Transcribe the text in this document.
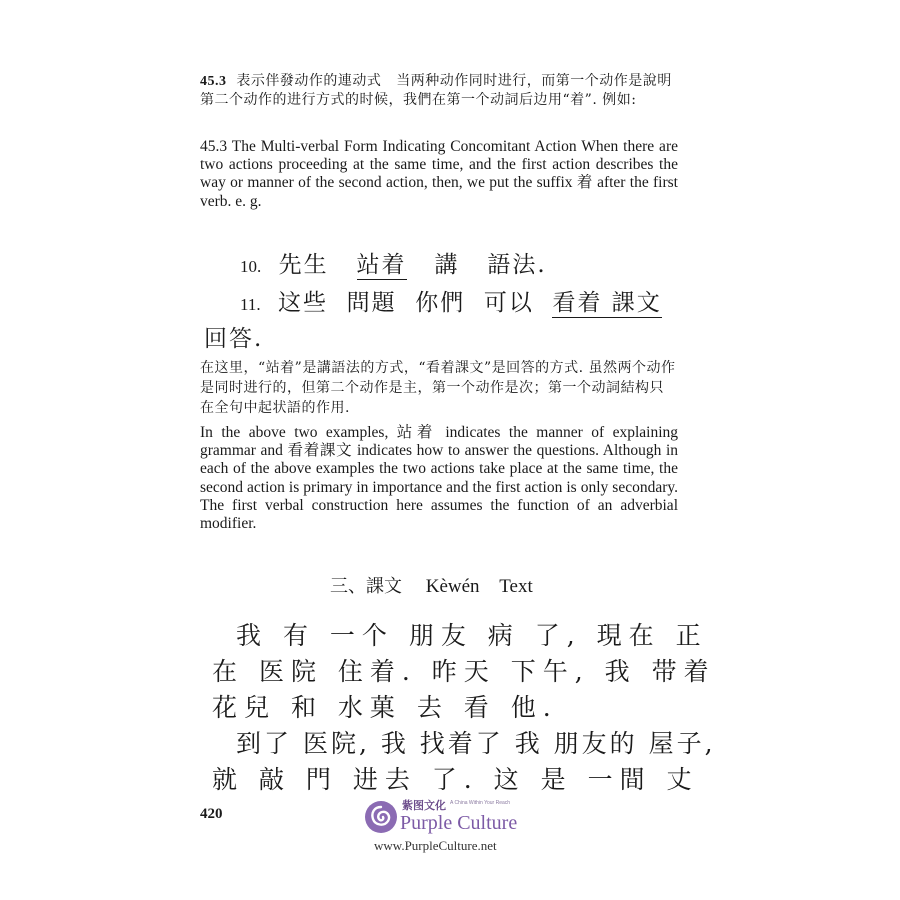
45.3 表示伴發动作的連动式 当两种动作同时进行，而第一个动作是說明第二个动作的进行方式的时候，我們在第一个动詞后边用“着”. 例如:
45.3 The Multi-verbal Form Indicating Concomitant Action When there are two actions proceeding at the same time, and the first action describes the way or manner of the second action, then, we put the suffix 着 after the first verb. e. g.
10. 先生 站着 講 語法.
11. 这些 問題 你們 可以 看着 課文
回答.
在这里，“站着”是講語法的方式，“看着課文”是回答的方式. 虽然两个动作是同时进行的，但第二个动作是主，第一个动作是次；第一个动詞結构只在全句中起状語的作用.
In the above two examples, 站着 indicates the manner of explaining grammar and 看着課文 indicates how to answer the questions. Although in each of the above examples the two actions take place at the same time, the second action is primary in importance and the first action is only secondary. The first verbal construction here assumes the function of an adverbial modifier.
三、課文 Kèwén Text
我 有 一个 朋友 病 了, 現在 正
在 医院 住着. 昨天 下午, 我 带着
花兒 和 水菓 去 看 他.
到了 医院, 我 找着了 我 朋友的 屋子,
就 敲 門 进去 了. 这 是 一間 丈
420
紫图文化 A China Within Your Reach
Purple Culture
www.PurpleCulture.net
